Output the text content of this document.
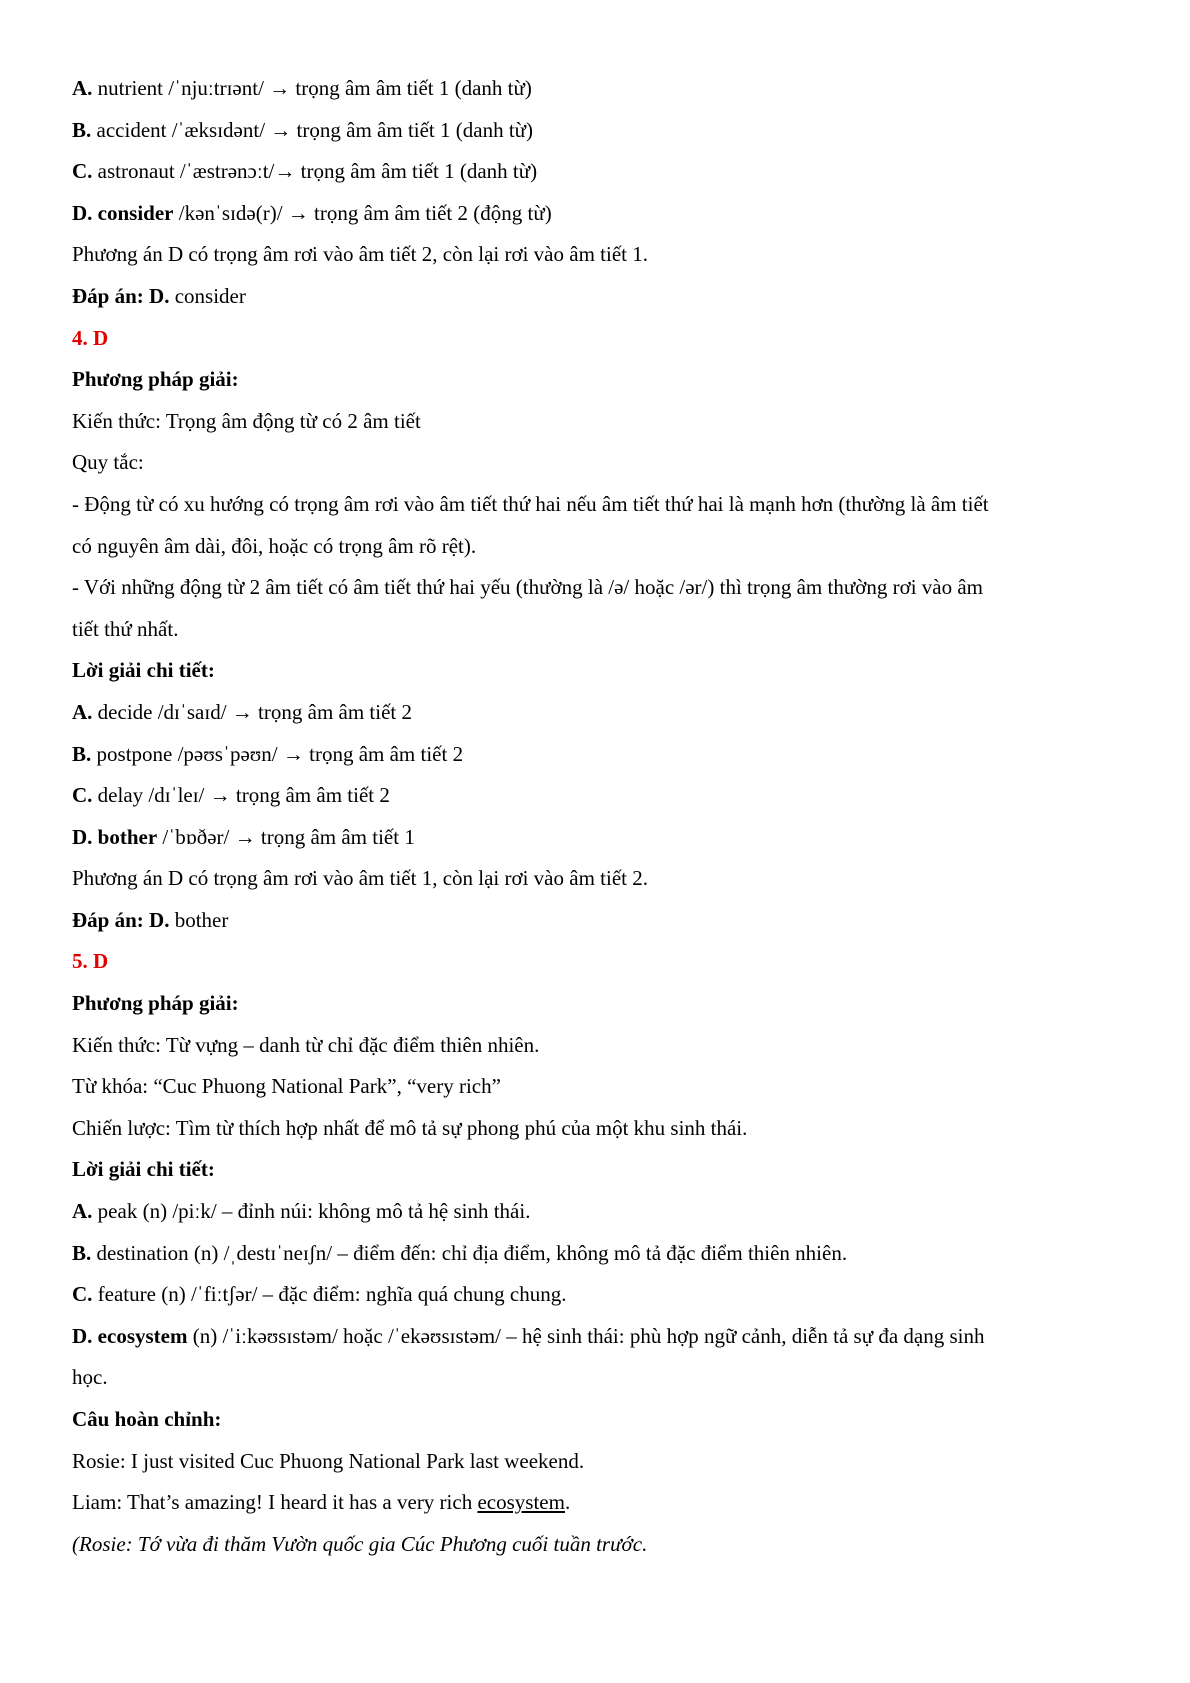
A. nutrient /ˈnjuːtrɪənt/ → trọng âm âm tiết 1 (danh từ)
B. accident /ˈæksɪdənt/ → trọng âm âm tiết 1 (danh từ)
C. astronaut /ˈæstrənɔːt/→ trọng âm âm tiết 1 (danh từ)
D. consider /kənˈsɪdə(r)/ → trọng âm âm tiết 2 (động từ)
Phương án D có trọng âm rơi vào âm tiết 2, còn lại rơi vào âm tiết 1.
Đáp án: D. consider
4. D
Phương pháp giải:
Kiến thức: Trọng âm động từ có 2 âm tiết
Quy tắc:
- Động từ có xu hướng có trọng âm rơi vào âm tiết thứ hai nếu âm tiết thứ hai là mạnh hơn (thường là âm tiết
có nguyên âm dài, đôi, hoặc có trọng âm rõ rệt).
- Với những động từ 2 âm tiết có âm tiết thứ hai yếu (thường là /ə/ hoặc /ər/) thì trọng âm thường rơi vào âm
tiết thứ nhất.
Lời giải chi tiết:
A. decide /dɪˈsaɪd/ → trọng âm âm tiết 2
B. postpone /pəʊsˈpəʊn/ → trọng âm âm tiết 2
C. delay /dɪˈleɪ/ → trọng âm âm tiết 2
D. bother /ˈbɒðər/ → trọng âm âm tiết 1
Phương án D có trọng âm rơi vào âm tiết 1, còn lại rơi vào âm tiết 2.
Đáp án: D. bother
5. D
Phương pháp giải:
Kiến thức: Từ vựng – danh từ chỉ đặc điểm thiên nhiên.
Từ khóa: “Cuc Phuong National Park”, “very rich”
Chiến lược: Tìm từ thích hợp nhất để mô tả sự phong phú của một khu sinh thái.
Lời giải chi tiết:
A. peak (n) /piːk/ – đỉnh núi: không mô tả hệ sinh thái.
B. destination (n) /ˌdestɪˈneɪʃn/ – điểm đến: chỉ địa điểm, không mô tả đặc điểm thiên nhiên.
C. feature (n) /ˈfiːtʃər/ – đặc điểm: nghĩa quá chung chung.
D. ecosystem (n) /ˈiːkəʊsɪstəm/ hoặc /ˈekəʊsɪstəm/ – hệ sinh thái: phù hợp ngữ cảnh, diễn tả sự đa dạng sinh
học.
Câu hoàn chỉnh:
Rosie: I just visited Cuc Phuong National Park last weekend.
Liam: That’s amazing! I heard it has a very rich ecosystem.
(Rosie: Tớ vừa đi thăm Vườn quốc gia Cúc Phương cuối tuần trước.
